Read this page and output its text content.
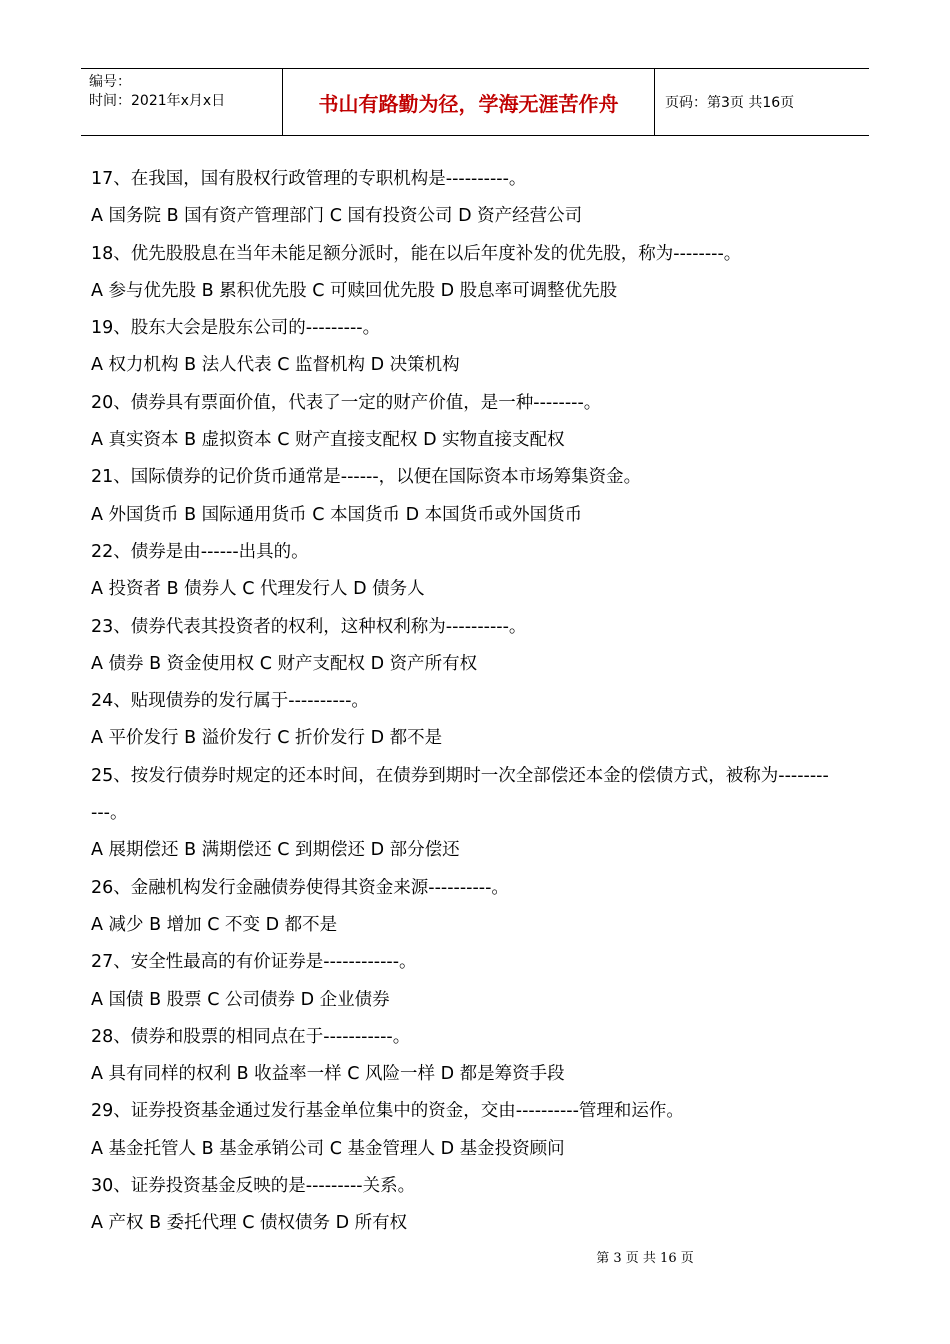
编号：
时间：2021年x月x日	书山有路勤为径，学海无涯苦作舟	页码：第3页 共16页
17、在我国，国有股权行政管理的专职机构是----------。
A 国务院 B 国有资产管理部门 C 国有投资公司 D 资产经营公司
18、优先股股息在当年未能足额分派时，能在以后年度补发的优先股，称为--------。
A 参与优先股 B 累积优先股 C 可赎回优先股 D 股息率可调整优先股
19、股东大会是股东公司的---------。
A 权力机构 B 法人代表 C 监督机构 D 决策机构
20、债券具有票面价值，代表了一定的财产价值，是一种--------。
A 真实资本 B 虚拟资本 C 财产直接支配权 D 实物直接支配权
21、国际债券的记价货币通常是------，以便在国际资本市场筹集资金。
A 外国货币 B 国际通用货币 C 本国货币 D 本国货币或外国货币
22、债券是由------出具的。
A 投资者 B 债券人 C 代理发行人 D 债务人
23、债券代表其投资者的权利，这种权利称为----------。
A 债券 B 资金使用权 C 财产支配权 D 资产所有权
24、贴现债券的发行属于----------。
A 平价发行 B 溢价发行 C 折价发行 D 都不是
25、按发行债券时规定的还本时间，在债券到期时一次全部偿还本金的偿债方式，被称为-----------。
A 展期偿还 B 满期偿还 C 到期偿还 D 部分偿还
26、金融机构发行金融债券使得其资金来源----------。
A 减少 B 增加 C 不变 D 都不是
27、安全性最高的有价证券是------------。
A 国债 B 股票 C 公司债券 D 企业债券
28、债券和股票的相同点在于-----------。
A 具有同样的权利 B 收益率一样 C 风险一样 D 都是筹资手段
29、证券投资基金通过发行基金单位集中的资金，交由----------管理和运作。
A 基金托管人 B 基金承销公司 C 基金管理人 D 基金投资顾问
30、证券投资基金反映的是---------关系。
A 产权 B 委托代理 C 债权债务 D 所有权
第 3 页 共 16 页
